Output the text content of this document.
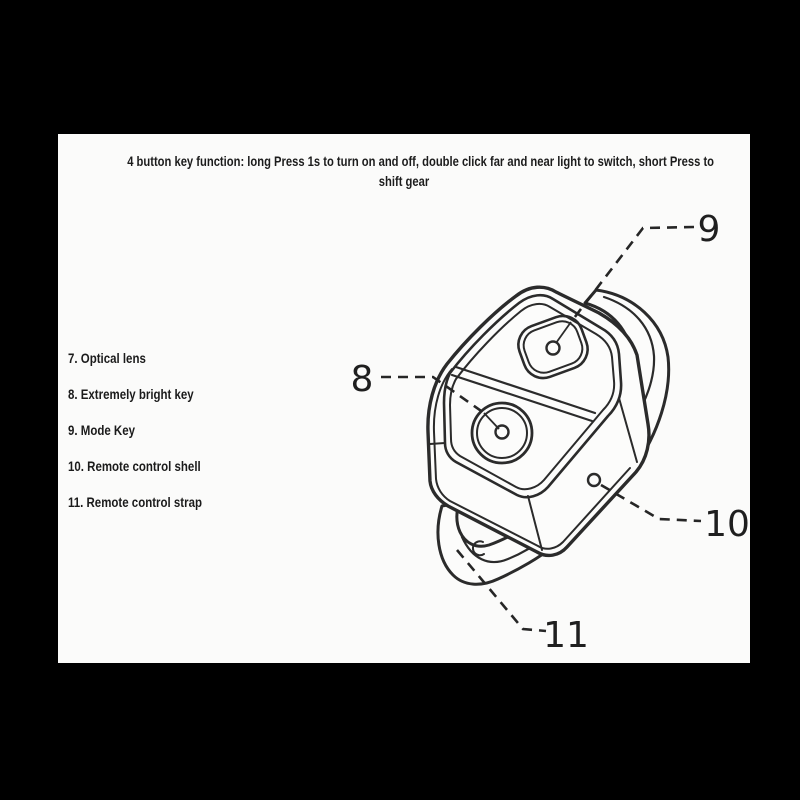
4 button key function: long Press 1s to turn on and off, double click far and near light to switch, short Press to
shift gear
7. Optical lens
8. Extremely bright key
9. Mode Key
10. Remote control shell
11. Remote control strap
8
9
10
11
